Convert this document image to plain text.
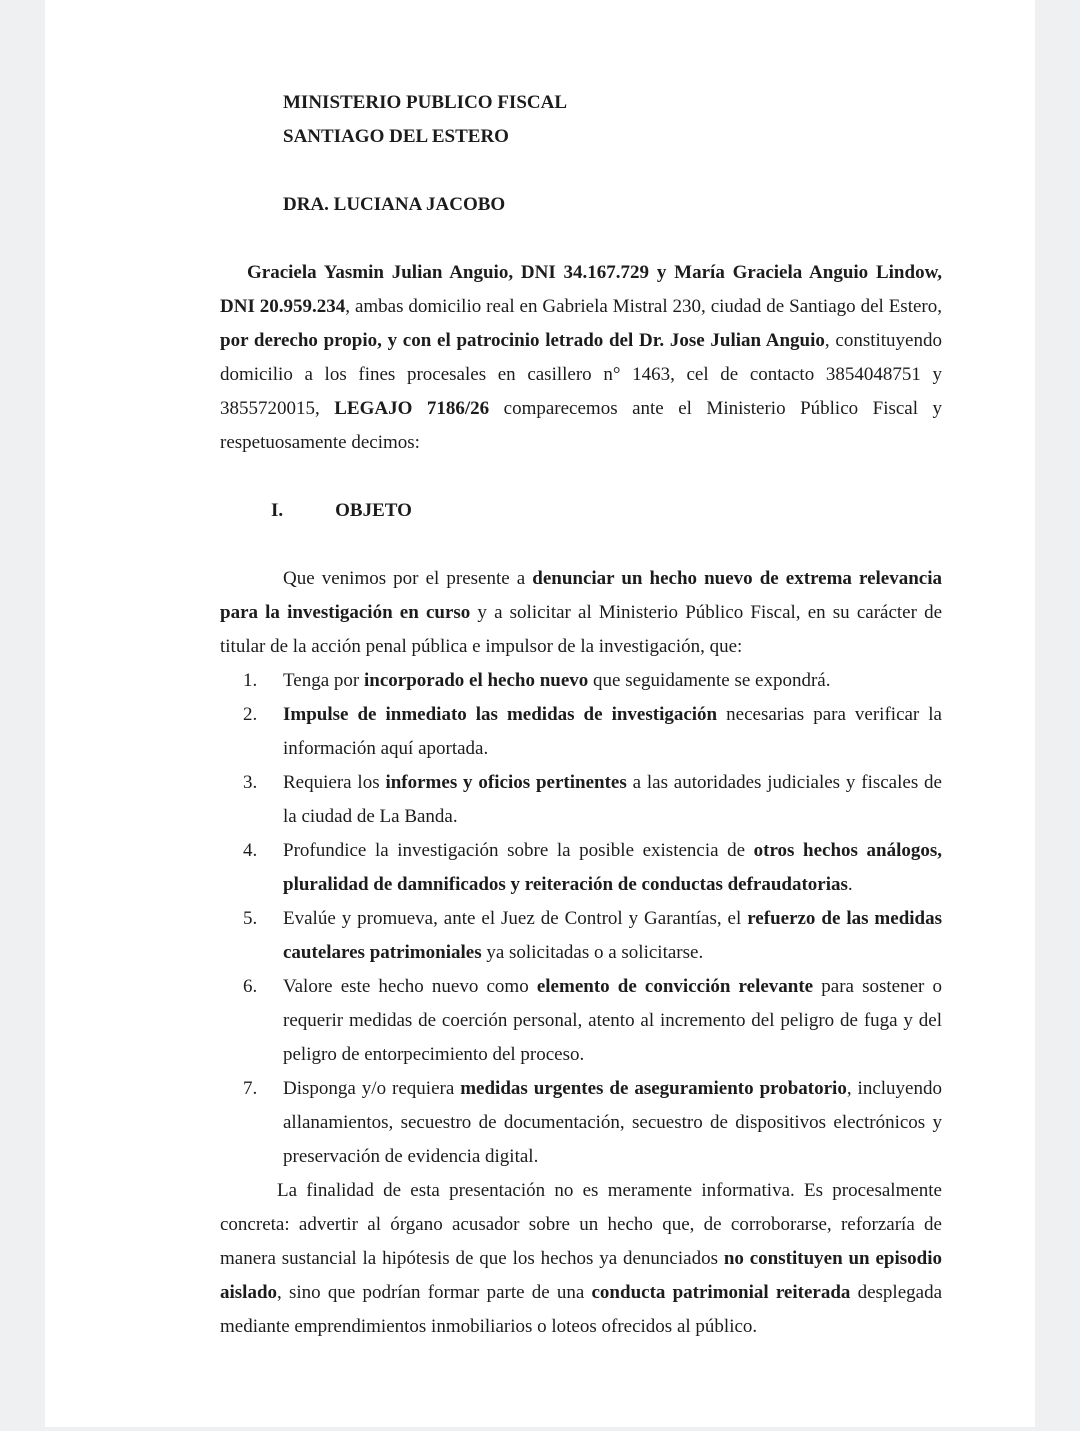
MINISTERIO PUBLICO FISCAL

SANTIAGO DEL ESTERO

DRA. LUCIANA JACOBO

Graciela Yasmin Julian Anguio, DNI 34.167.729 y María Graciela Anguio Lindow, DNI 20.959.234, ambas domicilio real en Gabriela Mistral 230, ciudad de Santiago del Estero, por derecho propio, y con el patrocinio letrado del Dr. Jose Julian Anguio, constituyendo domicilio a los fines procesales en casillero n° 1463, cel de contacto 3854048751 y 3855720015, LEGAJO 7186/26 comparecemos ante el Ministerio Público Fiscal y respetuosamente decimos:

I.	OBJETO

Que venimos por el presente a denunciar un hecho nuevo de extrema relevancia para la investigación en curso y a solicitar al Ministerio Público Fiscal, en su carácter de titular de la acción penal pública e impulsor de la investigación, que:

1. Tenga por incorporado el hecho nuevo que seguidamente se expondrá.
2. Impulse de inmediato las medidas de investigación necesarias para verificar la información aquí aportada.
3. Requiera los informes y oficios pertinentes a las autoridades judiciales y fiscales de la ciudad de La Banda.
4. Profundice la investigación sobre la posible existencia de otros hechos análogos, pluralidad de damnificados y reiteración de conductas defraudatorias.
5. Evalúe y promueva, ante el Juez de Control y Garantías, el refuerzo de las medidas cautelares patrimoniales ya solicitadas o a solicitarse.
6. Valore este hecho nuevo como elemento de convicción relevante para sostener o requerir medidas de coerción personal, atento al incremento del peligro de fuga y del peligro de entorpecimiento del proceso.
7. Disponga y/o requiera medidas urgentes de aseguramiento probatorio, incluyendo allanamientos, secuestro de documentación, secuestro de dispositivos electrónicos y preservación de evidencia digital.

La finalidad de esta presentación no es meramente informativa. Es procesalmente concreta: advertir al órgano acusador sobre un hecho que, de corroborarse, reforzaría de manera sustancial la hipótesis de que los hechos ya denunciados no constituyen un episodio aislado, sino que podrían formar parte de una conducta patrimonial reiterada desplegada mediante emprendimientos inmobiliarios o loteos ofrecidos al público.
